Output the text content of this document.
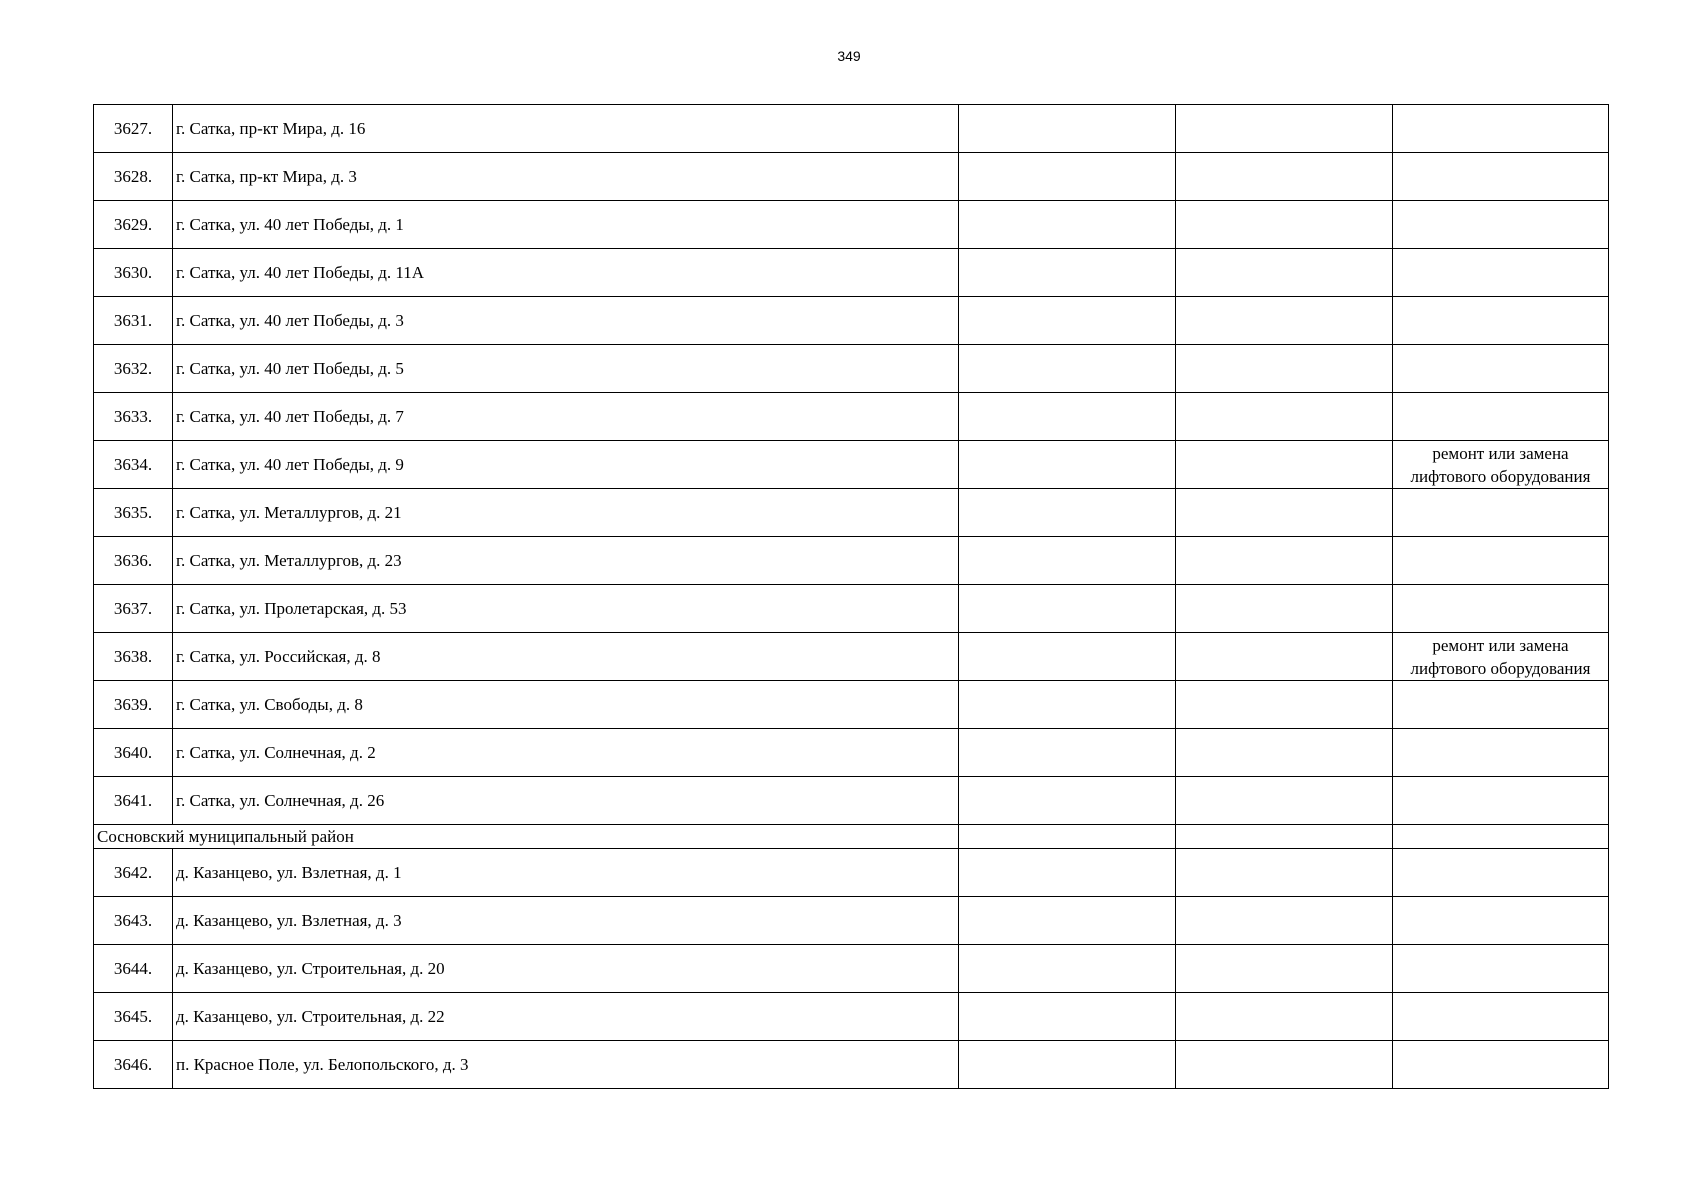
349
3627.	г. Сатка, пр-кт Мира, д. 16			
3628.	г. Сатка, пр-кт Мира, д. 3			
3629.	г. Сатка, ул. 40 лет Победы, д. 1			
3630.	г. Сатка, ул. 40 лет Победы, д. 11А			
3631.	г. Сатка, ул. 40 лет Победы, д. 3			
3632.	г. Сатка, ул. 40 лет Победы, д. 5			
3633.	г. Сатка, ул. 40 лет Победы, д. 7			
3634.	г. Сатка, ул. 40 лет Победы, д. 9			ремонт или замена лифтового оборудования
3635.	г. Сатка, ул. Металлургов, д. 21			
3636.	г. Сатка, ул. Металлургов, д. 23			
3637.	г. Сатка, ул. Пролетарская, д. 53			
3638.	г. Сатка, ул. Российская, д. 8			ремонт или замена лифтового оборудования
3639.	г. Сатка, ул. Свободы, д. 8			
3640.	г. Сатка, ул. Солнечная, д. 2			
3641.	г. Сатка, ул. Солнечная, д. 26			
Сосновский муниципальный район				
3642.	д. Казанцево, ул. Взлетная, д. 1			
3643.	д. Казанцево, ул. Взлетная, д. 3			
3644.	д. Казанцево, ул. Строительная, д. 20			
3645.	д. Казанцево, ул. Строительная, д. 22			
3646.	п. Красное Поле, ул. Белопольского, д. 3			
